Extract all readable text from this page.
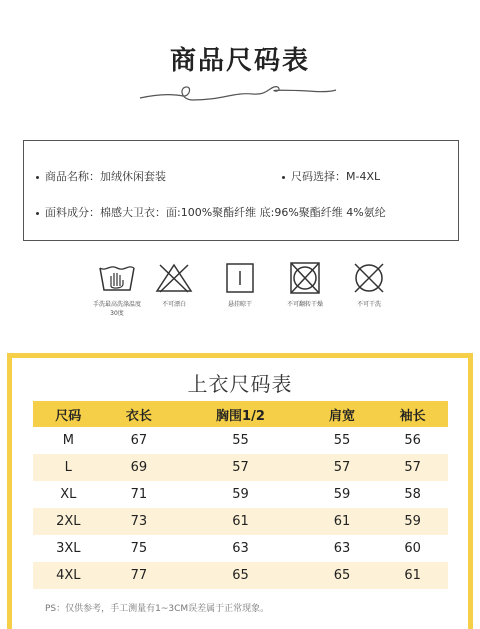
商品尺码表
商品名称：加绒休闲套装	尺码选择：M-4XL
面料成分：棉感大卫衣：面:100%聚酯纤维 底:96%聚酯纤维 4%氨纶
手洗最高洗涤温度30度
不可漂白	悬挂晾干	不可翻转干燥	不可干洗
上衣尺码表
尺码	衣长	胸围1/2	肩宽	袖长
M	67	55	55	56
L	69	57	57	57
XL	71	59	59	58
2XL	73	61	61	59
3XL	75	63	63	60
4XL	77	65	65	61
PS：仅供参考，手工测量有1~3CM误差属于正常现象。
